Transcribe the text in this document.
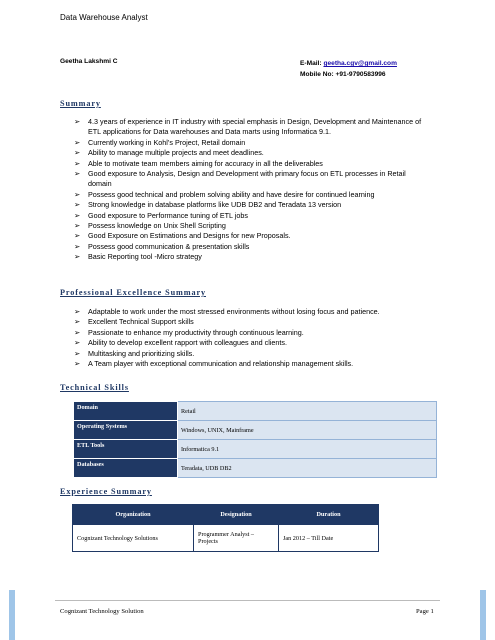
Data Warehouse Analyst
Geetha Lakshmi C	E-Mail: geetha.cgv@gmail.com
Mobile No: +91-9790583996
Summary
➢ 4.3 years of experience in IT industry with special emphasis in Design, Development and Maintenance of ETL applications for Data warehouses and Data marts using Informatica 9.1.
➢ Currently working in Kohl’s Project, Retail domain
➢ Ability to manage multiple projects and meet deadlines.
➢ Able to motivate team members aiming for accuracy in all the deliverables
➢ Good exposure to Analysis, Design and Development with primary focus on ETL processes in Retail domain
➢ Possess good technical and problem solving ability and have desire for continued learning
➢ Strong knowledge in database platforms like UDB DB2 and Teradata 13 version
➢ Good exposure to Performance tuning of ETL jobs
➢ Possess knowledge on Unix Shell Scripting
➢ Good Exposure on Estimations and Designs for new Proposals.
➢ Possess good communication & presentation skills
➢ Basic Reporting tool -Micro strategy
Professional Excellence Summary
➢ Adaptable to work under the most stressed environments without losing focus and patience.
➢ Excellent Technical Support skills
➢ Passionate to enhance my productivity through continuous learning.
➢ Ability to develop excellent rapport with colleagues and clients.
➢ Multitasking and prioritizing skills.
➢ A Team player with exceptional communication and relationship management skills.
Technical Skills
Domain	Retail
Operating Systems	Windows, UNIX, Mainframe
ETL Tools	Informatica 9.1
Databases	Teradata, UDB DB2
Experience Summary
Organization	Designation	Duration
Cognizant Technology Solutions	Programmer Analyst – Projects	Jan 2012 – Till Date
Cognizant Technology Solution	Page 1
